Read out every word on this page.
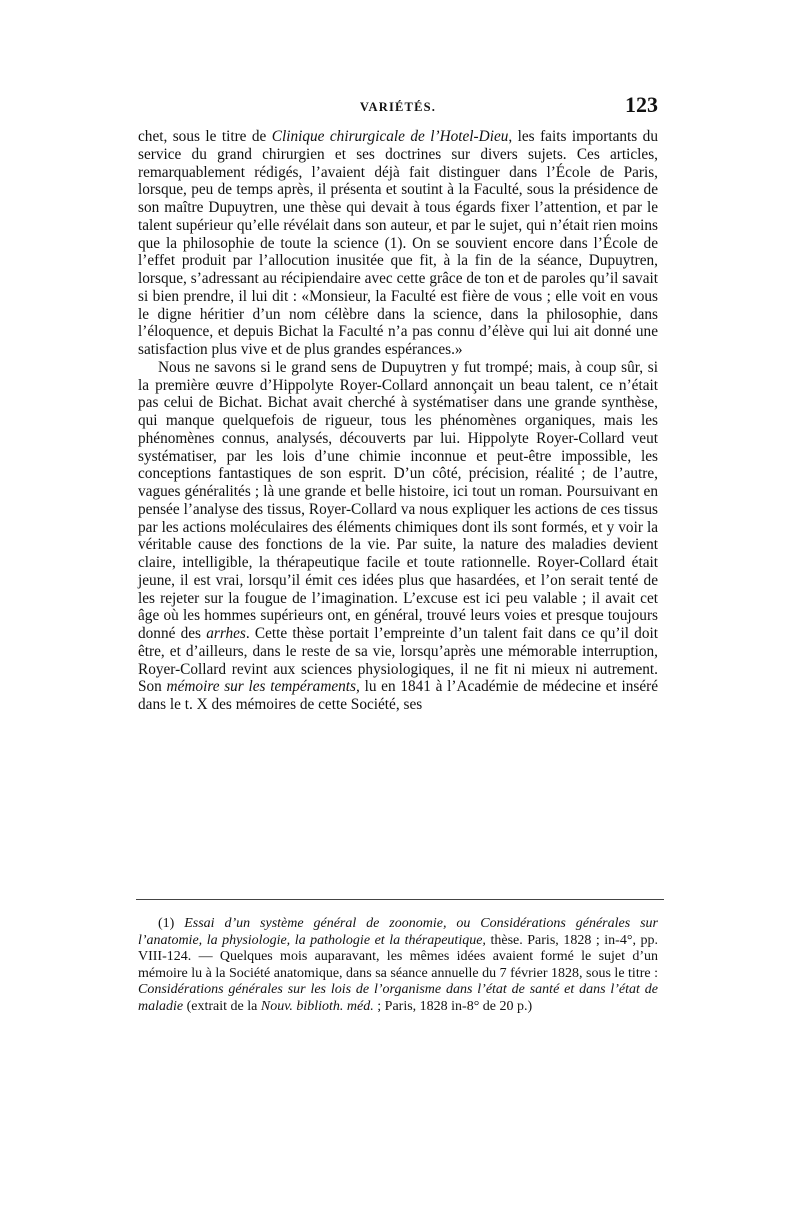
VARIÉTÉS.	123

chet, sous le titre de Clinique chirurgicale de l’Hotel-Dieu, les faits importants du service du grand chirurgien et ses doctrines sur divers sujets. Ces articles, remarquablement rédigés, l’avaient déjà fait distinguer dans l’École de Paris, lorsque, peu de temps après, il présenta et soutint à la Faculté, sous la présidence de son maître Dupuytren, une thèse qui devait à tous égards fixer l’attention, et par le talent supérieur qu’elle révélait dans son auteur, et par le sujet, qui n’était rien moins que la philosophie de toute la science (1). On se souvient encore dans l’École de l’effet produit par l’allocution inusitée que fit, à la fin de la séance, Dupuytren, lorsque, s’adressant au récipiendaire avec cette grâce de ton et de paroles qu’il savait si bien prendre, il lui dit : «Monsieur, la Faculté est fière de vous ; elle voit en vous le digne héritier d’un nom célèbre dans la science, dans la philosophie, dans l’éloquence, et depuis Bichat la Faculté n’a pas connu d’élève qui lui ait donné une satisfaction plus vive et de plus grandes espérances.»

Nous ne savons si le grand sens de Dupuytren y fut trompé; mais, à coup sûr, si la première œuvre d’Hippolyte Royer-Collard annonçait un beau talent, ce n’était pas celui de Bichat. Bichat avait cherché à systématiser dans une grande synthèse, qui manque quelquefois de rigueur, tous les phénomènes organiques, mais les phénomènes connus, analysés, découverts par lui. Hippolyte Royer-Collard veut systématiser, par les lois d’une chimie inconnue et peut-être impossible, les conceptions fantastiques de son esprit. D’un côté, précision, réalité ; de l’autre, vagues généralités ; là une grande et belle histoire, ici tout un roman. Poursuivant en pensée l’analyse des tissus, Royer-Collard va nous expliquer les actions de ces tissus par les actions moléculaires des éléments chimiques dont ils sont formés, et y voir la véritable cause des fonctions de la vie. Par suite, la nature des maladies devient claire, intelligible, la thérapeutique facile et toute rationnelle. Royer-Collard était jeune, il est vrai, lorsqu’il émit ces idées plus que hasardées, et l’on serait tenté de les rejeter sur la fougue de l’imagination. L’excuse est ici peu valable ; il avait cet âge où les hommes supérieurs ont, en général, trouvé leurs voies et presque toujours donné des arrhes. Cette thèse portait l’empreinte d’un talent fait dans ce qu’il doit être, et d’ailleurs, dans le reste de sa vie, lorsqu’après une mémorable interruption, Royer-Collard revint aux sciences physiologiques, il ne fit ni mieux ni autrement. Son mémoire sur les tempéraments, lu en 1841 à l’Académie de médecine et inséré dans le t. X des mémoires de cette Société, ses

(1) Essai d’un système général de zoonomie, ou Considérations générales sur l’anatomie, la physiologie, la pathologie et la thérapeutique, thèse. Paris, 1828 ; in-4°, pp. VIII-124. — Quelques mois auparavant, les mêmes idées avaient formé le sujet d’un mémoire lu à la Société anatomique, dans sa séance annuelle du 7 février 1828, sous le titre : Considérations générales sur les lois de l’organisme dans l’état de santé et dans l’état de maladie (extrait de la Nouv. biblioth. méd. ; Paris, 1828 in-8° de 20 p.)
